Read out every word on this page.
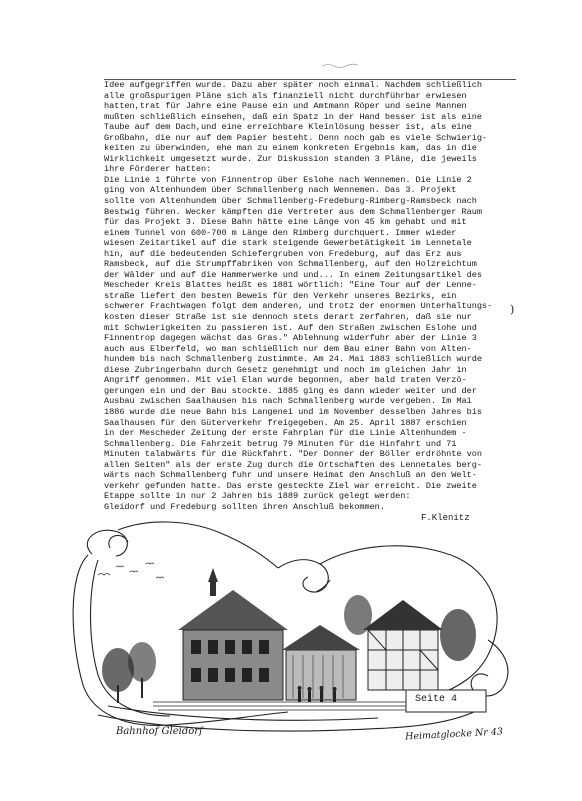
Idee aufgegriffen wurde. Dazu aber später noch einmal. Nachdem schließlich
alle großspurigen Pläne sich als finanziell nicht durchführbar erwiesen
hatten,trat für Jahre eine Pause ein und Amtmann Röper und seine Mannen
mußten schließlich einsehen, daß ein Spatz in der Hand besser ist als eine
Taube auf dem Dach,und eine erreichbare Kleinlösung besser ist, als eine
Großbahn, die nur auf dem Papier besteht. Denn noch gab es viele Schwierig-
keiten zu überwinden, ehe man zu einem konkreten Ergebnis kam, das in die
Wirklichkeit umgesetzt wurde. Zur Diskussion standen 3 Pläne, die jeweils
ihre Förderer hatten:
Die Linie 1 führte von Finnentrop über Eslohe nach Wennemen. Die Linie 2
ging von Altenhundem über Schmallenberg nach Wennemen. Das 3. Projekt
sollte von Altenhundem über Schmallenberg-Fredeburg-Rimberg-Ramsbeck nach
Bestwig führen. Wecker kämpften die Vertreter aus dem Schmallenberger Raum
für das Projekt 3. Diese Bahn hätte eine Länge von 45 km gehabt und mit
einem Tunnel von 600-700 m Länge den Rimberg durchquert. Immer wieder
wiesen Zeitartikel auf die stark steigende Gewerbetätigkeit im Lennetale
hin, auf die bedeutenden Schiefergruben von Fredeburg, auf das Erz aus
Ramsbeck, auf die Strumpffabriken von Schmallenberg, auf den Holzreichtum
der Wälder und auf die Hammerwerke und und... In einem Zeitungsartikel des
Mescheder Kreis Blattes heißt es 1881 wörtlich: "Eine Tour auf der Lenne-
straße liefert den besten Beweis für den Verkehr unseres Bezirks, ein
schwerer Frachtwagen folgt dem anderen, und trotz der enormen Unterhaltungs-
kosten dieser Straße ist sie dennoch stets derart zerfahren, daß sie nur
mit Schwierigkeiten zu passieren ist. Auf den Straßen zwischen Eslohe und
Finnentrop dagegen wächst das Gras." Ablehnung widerfuhr aber der Linie 3
auch aus Elberfeld, wo man schließlich nur dem Bau einer Bahn von Alten-
hundem bis nach Schmallenberg zustimmte. Am 24. Mai 1883 schließlich wurde
diese Zubringerbahn durch Gesetz genehmigt und noch im gleichen Jahr in
Angriff genommen. Mit viel Elan wurde begonnen, aber bald traten Verzö-
gerungen ein und der Bau stockte. 1885 ging es dann wieder weiter und der
Ausbau zwischen Saalhausen bis nach Schmallenberg wurde vergeben. Im Mai
1886 wurde die neue Bahn bis Langenei und im November desselben Jahres bis
Saalhausen für den Güterverkehr freigegeben. Am 25. April 1887 erschien
in der Mescheder Zeitung der erste Fahrplan für die Linie Altenhundem -
Schmallenberg. Die Fahrzeit betrug 79 Minuten für die Hinfahrt und 71
Minuten talabwärts für die Rückfahrt. "Der Donner der Böller erdröhnte von
allen Seiten" als der erste Zug durch die Ortschaften des Lennetales berg-
wärts nach Schmallenberg fuhr und unsere Heimat den Anschluß an den Welt-
verkehr gefunden hatte. Das erste gesteckte Ziel war erreicht. Die zweite
Etappe sollte in nur 2 Jahren bis 1889 zurück gelegt werden:
Gleidorf und Fredeburg sollten ihren Anschluß bekommen.
)
F.Klenitz
Seite 4
Bahnhof Gleidorf	Heimatglocke Nr 43
